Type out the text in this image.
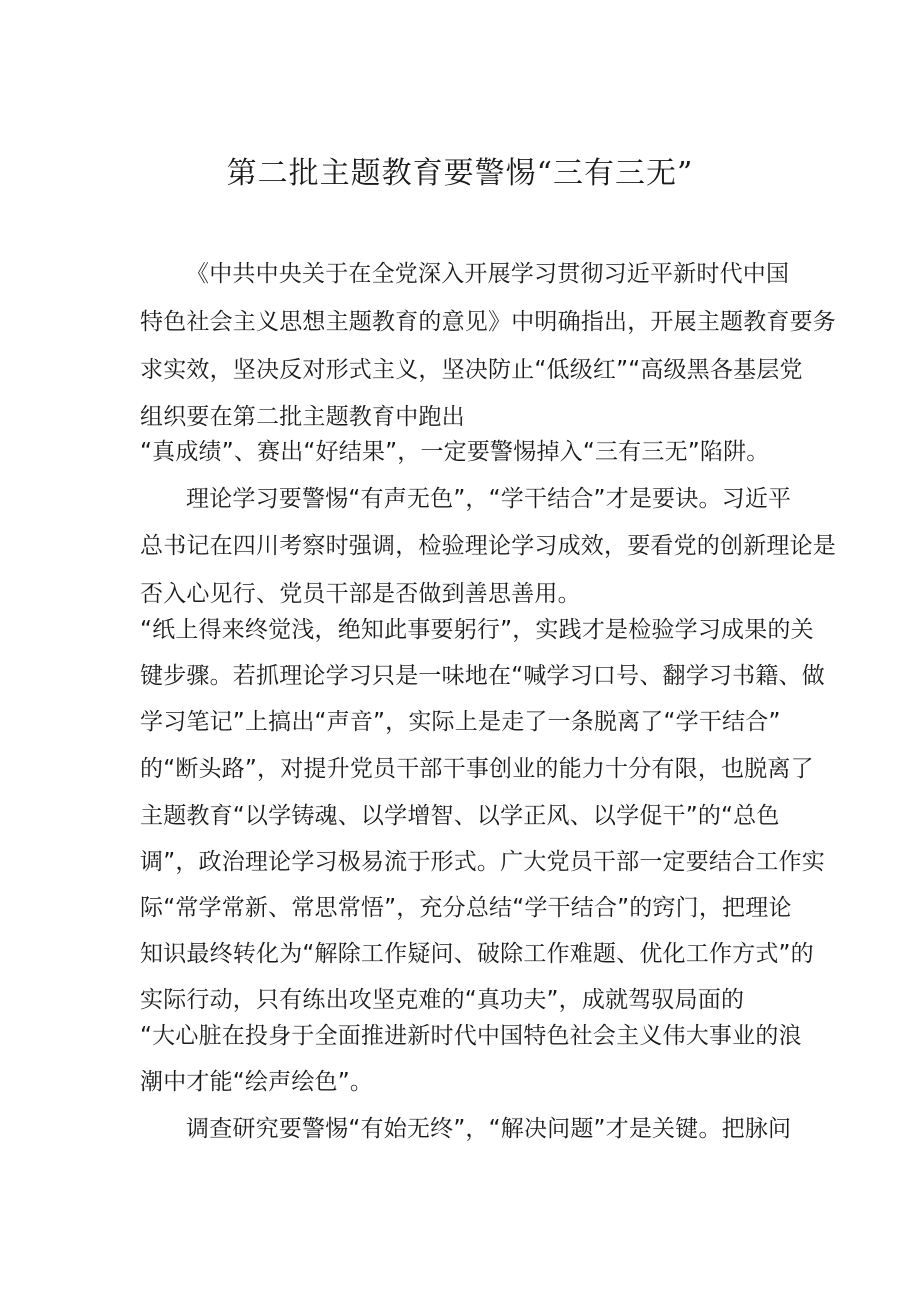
第二批主题教育要警惕“三有三无”
《中共中央关于在全党深入开展学习贯彻习近平新时代中国
特色社会主义思想主题教育的意见》中明确指出，开展主题教育要务
求实效，坚决反对形式主义，坚决防止“低级红”“高级黑各基层党
组织要在第二批主题教育中跑出
“真成绩”、赛出“好结果”，一定要警惕掉入“三有三无”陷阱。
理论学习要警惕“有声无色”，“学干结合”才是要诀。习近平
总书记在四川考察时强调，检验理论学习成效，要看党的创新理论是
否入心见行、党员干部是否做到善思善用。
“纸上得来终觉浅，绝知此事要躬行”，实践才是检验学习成果的关
键步骤。若抓理论学习只是一味地在“喊学习口号、翻学习书籍、做
学习笔记”上搞出“声音”，实际上是走了一条脱离了“学干结合”
的“断头路”，对提升党员干部干事创业的能力十分有限，也脱离了
主题教育“以学铸魂、以学增智、以学正风、以学促干”的“总色
调”，政治理论学习极易流于形式。广大党员干部一定要结合工作实
际“常学常新、常思常悟”，充分总结“学干结合”的窍门，把理论
知识最终转化为“解除工作疑问、破除工作难题、优化工作方式”的
实际行动，只有练出攻坚克难的“真功夫”，成就驾驭局面的
“大心脏在投身于全面推进新时代中国特色社会主义伟大事业的浪
潮中才能“绘声绘色”。
调查研究要警惕“有始无终”，“解决问题”才是关键。把脉问
